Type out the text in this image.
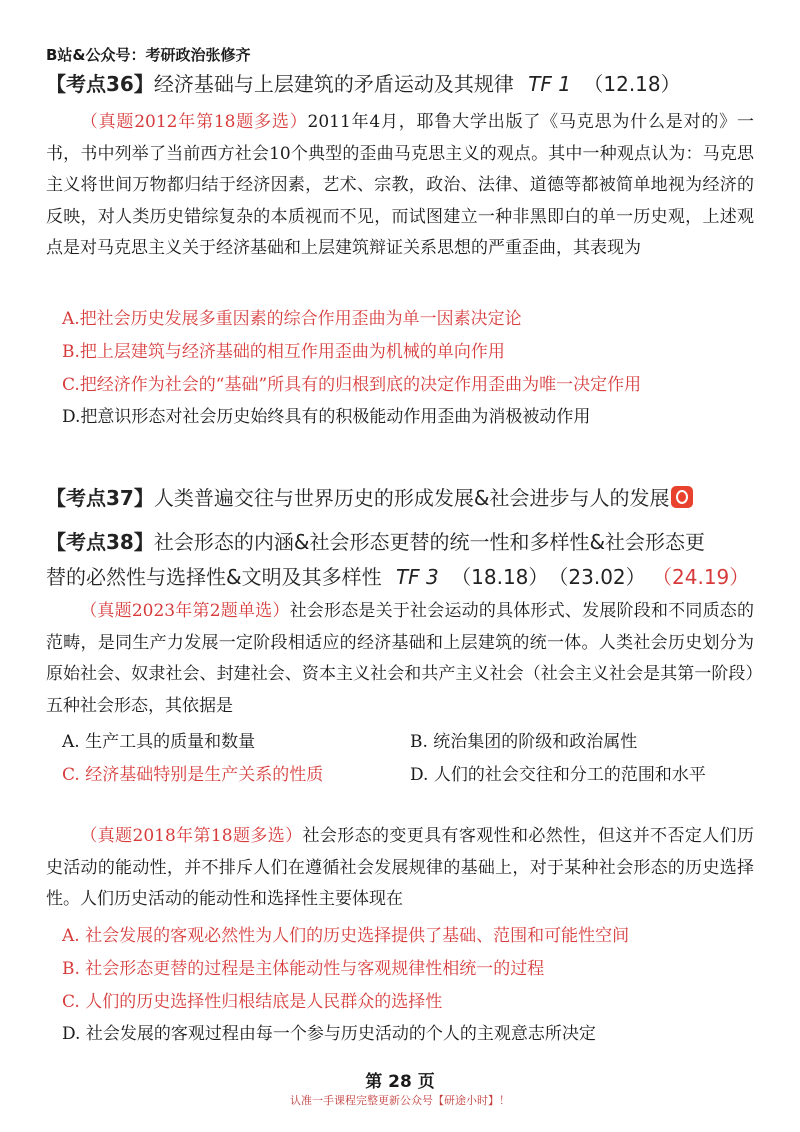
B站&公众号：考研政治张修齐
【考点36】经济基础与上层建筑的矛盾运动及其规律 TF 1 （12.18）
（真题2012年第18题多选）2011年4月，耶鲁大学出版了《马克思为什么是对的》一书，书中列举了当前西方社会10个典型的歪曲马克思主义的观点。其中一种观点认为：马克思主义将世间万物都归结于经济因素，艺术、宗教，政治、法律、道德等都被简单地视为经济的反映，对人类历史错综复杂的本质视而不见，而试图建立一种非黑即白的单一历史观，上述观点是对马克思主义关于经济基础和上层建筑辩证关系思想的严重歪曲，其表现为
A.把社会历史发展多重因素的综合作用歪曲为单一因素决定论
B.把上层建筑与经济基础的相互作用歪曲为机械的单向作用
C.把经济作为社会的“基础”所具有的归根到底的决定作用歪曲为唯一决定作用
D.把意识形态对社会历史始终具有的积极能动作用歪曲为消极被动作用
【考点37】人类普遍交往与世界历史的形成发展&社会进步与人的发展
【考点38】社会形态的内涵&社会形态更替的统一性和多样性&社会形态更
替的必然性与选择性&文明及其多样性 TF 3 （18.18）　（23.02） （24.19）
（真题2023年第2题单选）社会形态是关于社会运动的具体形式、发展阶段和不同质态的范畴，是同生产力发展一定阶段相适应的经济基础和上层建筑的统一体。人类社会历史划分为原始社会、奴隶社会、封建社会、资本主义社会和共产主义社会（社会主义社会是其第一阶段）五种社会形态，其依据是
A. 生产工具的质量和数量	B. 统治集团的阶级和政治属性
C. 经济基础特别是生产关系的性质	D. 人们的社会交往和分工的范围和水平
（真题2018年第18题多选）社会形态的变更具有客观性和必然性，但这并不否定人们历史活动的能动性，并不排斥人们在遵循社会发展规律的基础上，对于某种社会形态的历史选择性。人们历史活动的能动性和选择性主要体现在
A. 社会发展的客观必然性为人们的历史选择提供了基础、范围和可能性空间
B. 社会形态更替的过程是主体能动性与客观规律性相统一的过程
C. 人们的历史选择性归根结底是人民群众的选择性
D. 社会发展的客观过程由每一个参与历史活动的个人的主观意志所决定
第 28 页
认准一手课程完整更新公众号【研途小时】！
